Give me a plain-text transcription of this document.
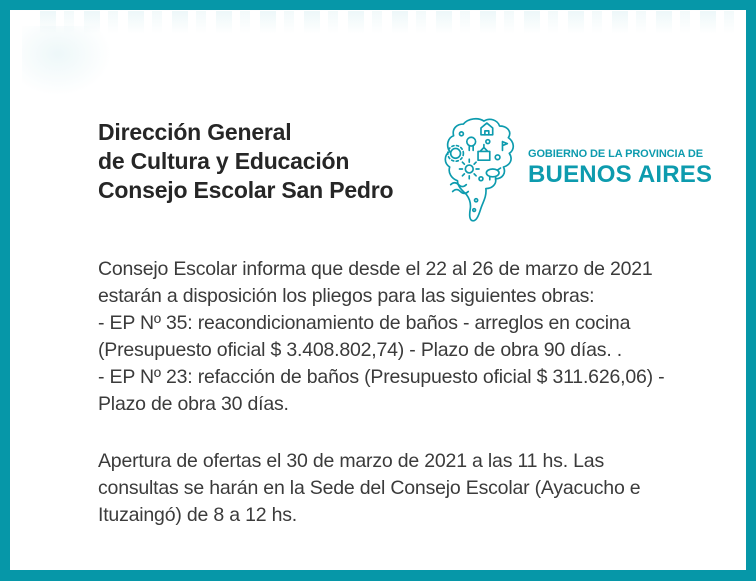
Dirección General
de Cultura y Educación
Consejo Escolar San Pedro
GOBIERNO DE LA PROVINCIA DE
BUENOS AIRES
Consejo Escolar informa que desde el 22 al 26 de marzo de 2021
estarán a disposición los pliegos para las siguientes obras:
- EP Nº 35: reacondicionamiento de baños - arreglos en cocina
(Presupuesto oficial $ 3.408.802,74) - Plazo de obra 90 días. .
- EP Nº 23: refacción de baños (Presupuesto oficial $ 311.626,06) -
Plazo de obra 30 días.
Apertura de ofertas el 30 de marzo de 2021 a las 11 hs. Las
consultas se harán en la Sede del Consejo Escolar (Ayacucho e
Ituzaingó) de 8 a 12 hs.
